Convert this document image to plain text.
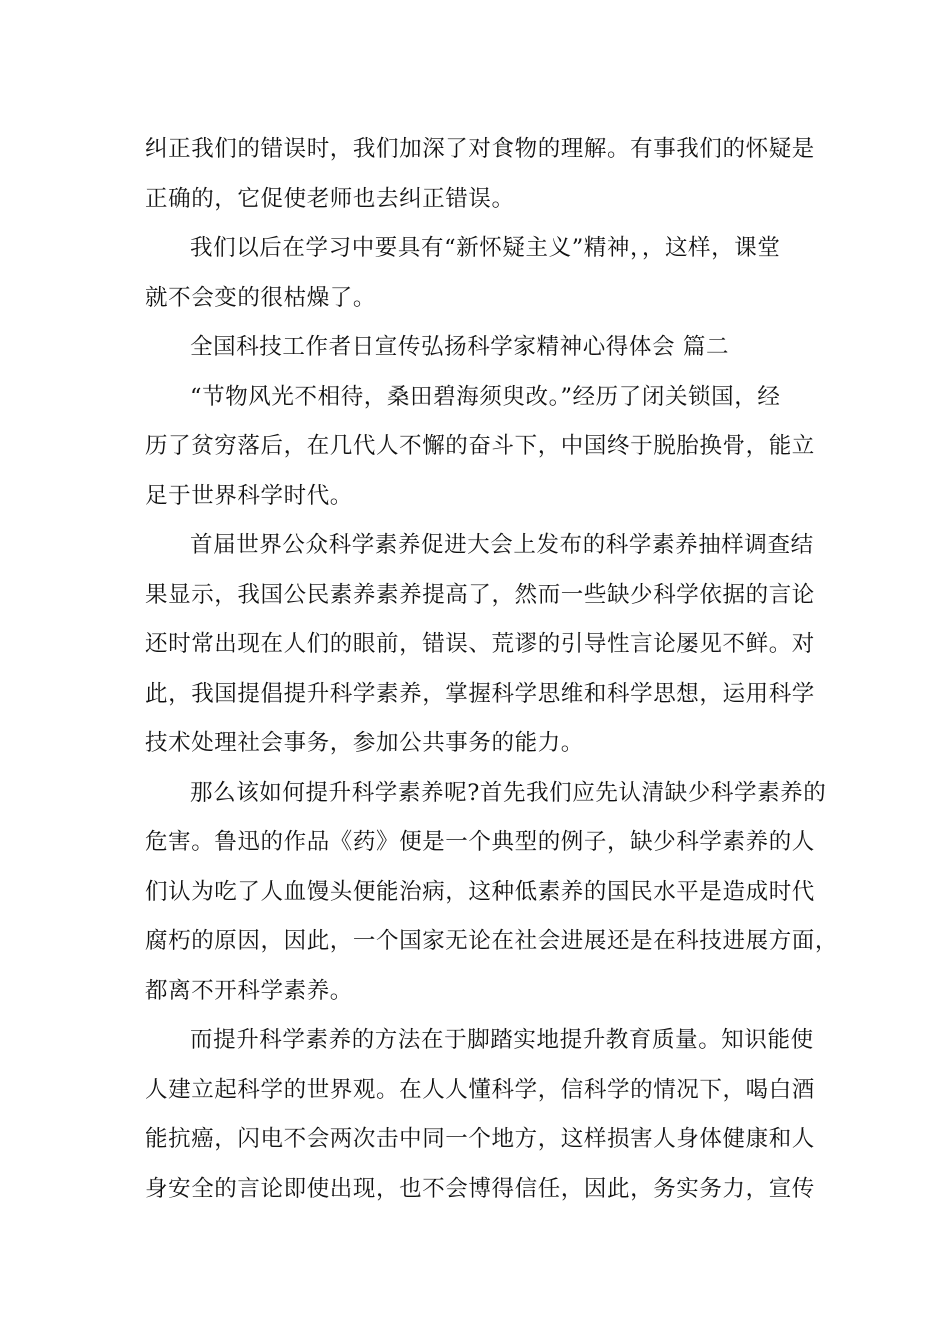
纠正我们的错误时，我们加深了对食物的理解。有事我们的怀疑是
正确的，它促使老师也去纠正错误。

我们以后在学习中要具有“新怀疑主义”精神，，这样，课堂
就不会变的很枯燥了。

全国科技工作者日宣传弘扬科学家精神心得体会 篇二

“节物风光不相待，桑田碧海须臾改。”经历了闭关锁国，经
历了贫穷落后，在几代人不懈的奋斗下，中国终于脱胎换骨，能立
足于世界科学时代。

首届世界公众科学素养促进大会上发布的科学素养抽样调查结
果显示，我国公民素养素养提高了，然而一些缺少科学依据的言论
还时常出现在人们的眼前，错误、荒谬的引导性言论屡见不鲜。对
此，我国提倡提升科学素养，掌握科学思维和科学思想，运用科学
技术处理社会事务，参加公共事务的能力。

那么该如何提升科学素养呢?首先我们应先认清缺少科学素养的
危害。鲁迅的作品《药》便是一个典型的例子，缺少科学素养的人
们认为吃了人血馒头便能治病，这种低素养的国民水平是造成时代
腐朽的原因，因此，一个国家无论在社会进展还是在科技进展方面，
都离不开科学素养。

而提升科学素养的方法在于脚踏实地提升教育质量。知识能使
人建立起科学的世界观。在人人懂科学，信科学的情况下，喝白酒
能抗癌，闪电不会两次击中同一个地方，这样损害人身体健康和人
身安全的言论即使出现，也不会博得信任，因此，务实务力，宣传
